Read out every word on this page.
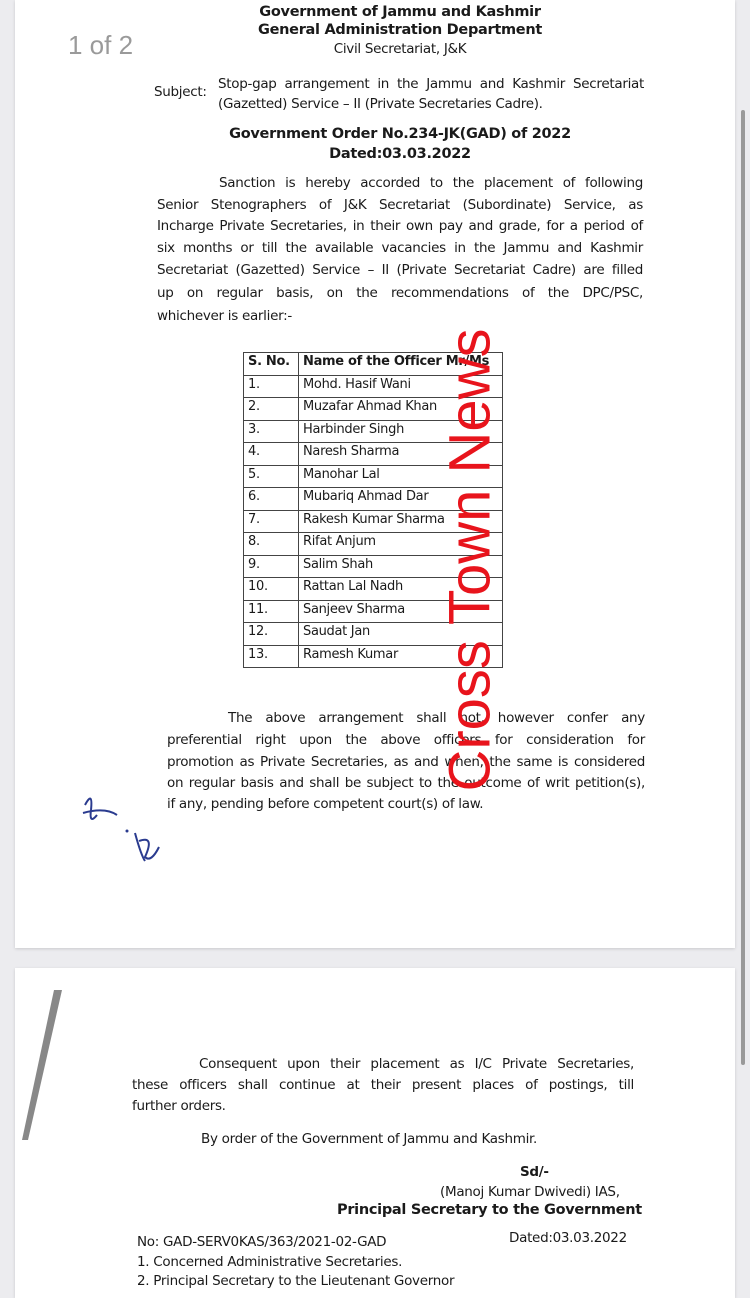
1 of 2
Government of Jammu and Kashmir
General Administration Department
Civil Secretariat, J&K
Subject: Stop-gap arrangement in the Jammu and Kashmir Secretariat
(Gazetted) Service – II (Private Secretaries Cadre).
Government Order No.234-JK(GAD) of 2022
Dated:03.03.2022
Sanction is hereby accorded to the placement of following
Senior Stenographers of J&K Secretariat (Subordinate) Service, as
Incharge Private Secretaries, in their own pay and grade, for a period of
six months or till the available vacancies in the Jammu and Kashmir
Secretariat (Gazetted) Service – II (Private Secretariat Cadre) are filled
up on regular basis, on the recommendations of the DPC/PSC,
whichever is earlier:-
S. No.	Name of the Officer Mr/Ms
1.	Mohd. Hasif Wani
2.	Muzafar Ahmad Khan
3.	Harbinder Singh
4.	Naresh Sharma
5.	Manohar Lal
6.	Mubariq Ahmad Dar
7.	Rakesh Kumar Sharma
8.	Rifat Anjum
9.	Salim Shah
10.	Rattan Lal Nadh
11.	Sanjeev Sharma
12.	Saudat Jan
13.	Ramesh Kumar
The above arrangement shall not, however confer any
preferential right upon the above officers for consideration for
promotion as Private Secretaries, as and when, the same is considered
on regular basis and shall be subject to the outcome of writ petition(s),
if any, pending before competent court(s) of law.
Cross Town News
Consequent upon their placement as I/C Private Secretaries,
these officers shall continue at their present places of postings, till
further orders.
By order of the Government of Jammu and Kashmir.
Sd/-
(Manoj Kumar Dwivedi) IAS,
Principal Secretary to the Government
No: GAD-SERV0KAS/363/2021-02-GAD	Dated:03.03.2022
1. Concerned Administrative Secretaries.
2. Principal Secretary to the Lieutenant Governor
